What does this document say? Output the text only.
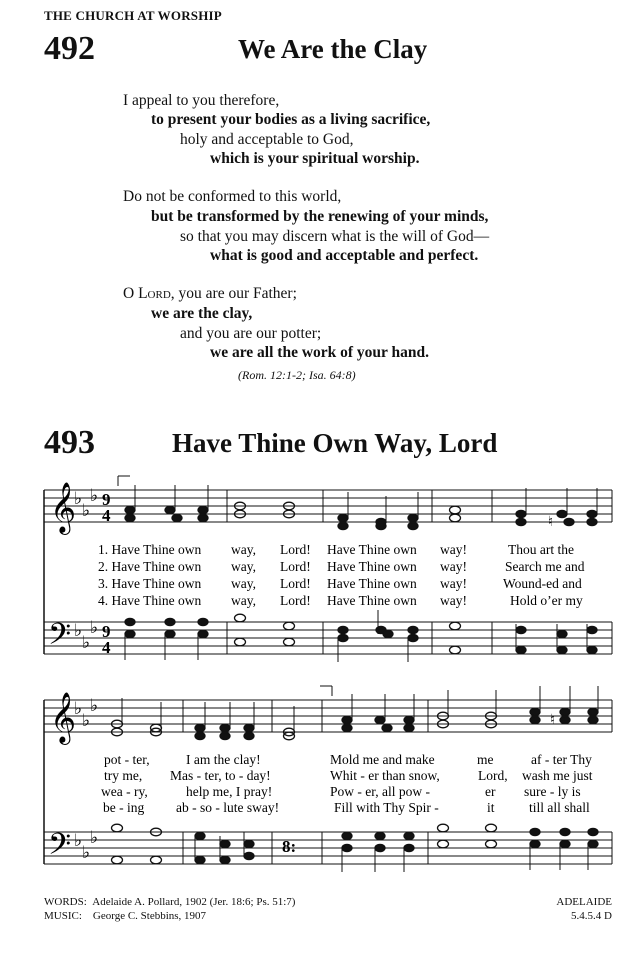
THE CHURCH AT WORSHIP
492	We Are the Clay
I appeal to you therefore,
to present your bodies as a living sacrifice,
holy and acceptable to God,
which is your spiritual worship.
Do not be conformed to this world,
but be transformed by the renewing of your minds,
so that you may discern what is the will of God—
what is good and acceptable and perfect.
O Lord, you are our Father;
we are the clay,
and you are our potter;
we are all the work of your hand.
(Rom. 12:1-2; Isa. 64:8)
493	Have Thine Own Way, Lord
𝄞
𝄢
♭
♭
♭
♭
♭
♭
9
4
9
4
♮
1. Have Thine own way, Lord! Have Thine own way!	Thou art the
2. Have Thine own way, Lord! Have Thine own way!	Search me and
3. Have Thine own way, Lord! Have Thine own way!	Wound-ed and
4. Have Thine own way, Lord! Have Thine own way!	Hold o’er my
𝄞
𝄢
♭
♭
♭
♭
♭
♭
♮
8:
pot - ter,	I am the clay!	Mold me and make	me	af - ter Thy
try me, Mas - ter, to - day!	Whit - er than snow,	Lord, wash me just
wea - ry,	help me, I pray!	Pow - er, all pow -	er sure - ly is
be - ing ab - so - lute sway!	Fill with Thy Spir -	it	till all shall
WORDS: Adelaide A. Pollard, 1902 (Jer. 18:6; Ps. 51:7)
MUSIC: George C. Stebbins, 1907
ADELAIDE
5.4.5.4 D
